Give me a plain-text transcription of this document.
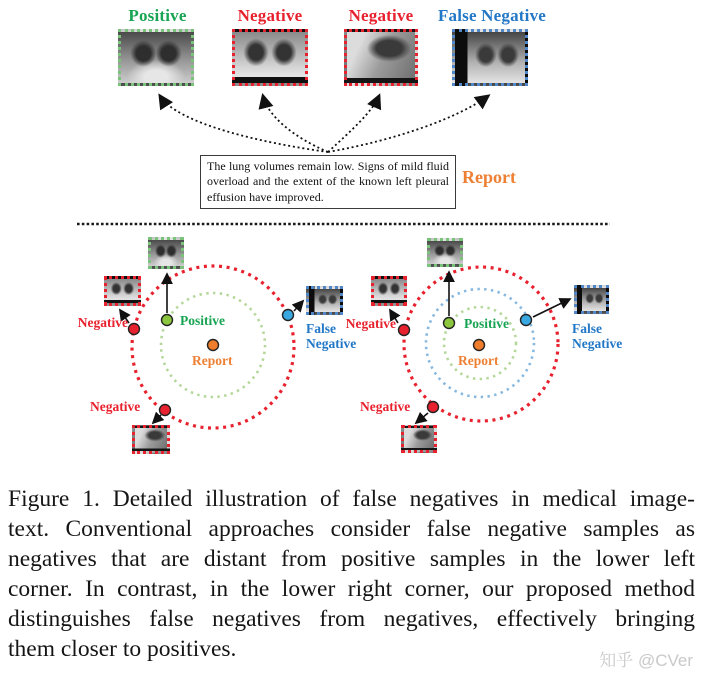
Positive	Negative	Negative	False Negative
The lung volumes remain low. Signs of mild fluid overload and the extent of the known left pleural effusion have improved.
Report
Negative	Positive
Report
False
Negative
Negative
Negative	Positive
Report
False
Negative
Negative
Figure 1. Detailed illustration of false negatives in medical image-
text. Conventional approaches consider false negative samples as
negatives that are distant from positive samples in the lower left
corner. In contrast, in the lower right corner, our proposed method
distinguishes false negatives from negatives, effectively bringing
them closer to positives.	知乎 @CVer
